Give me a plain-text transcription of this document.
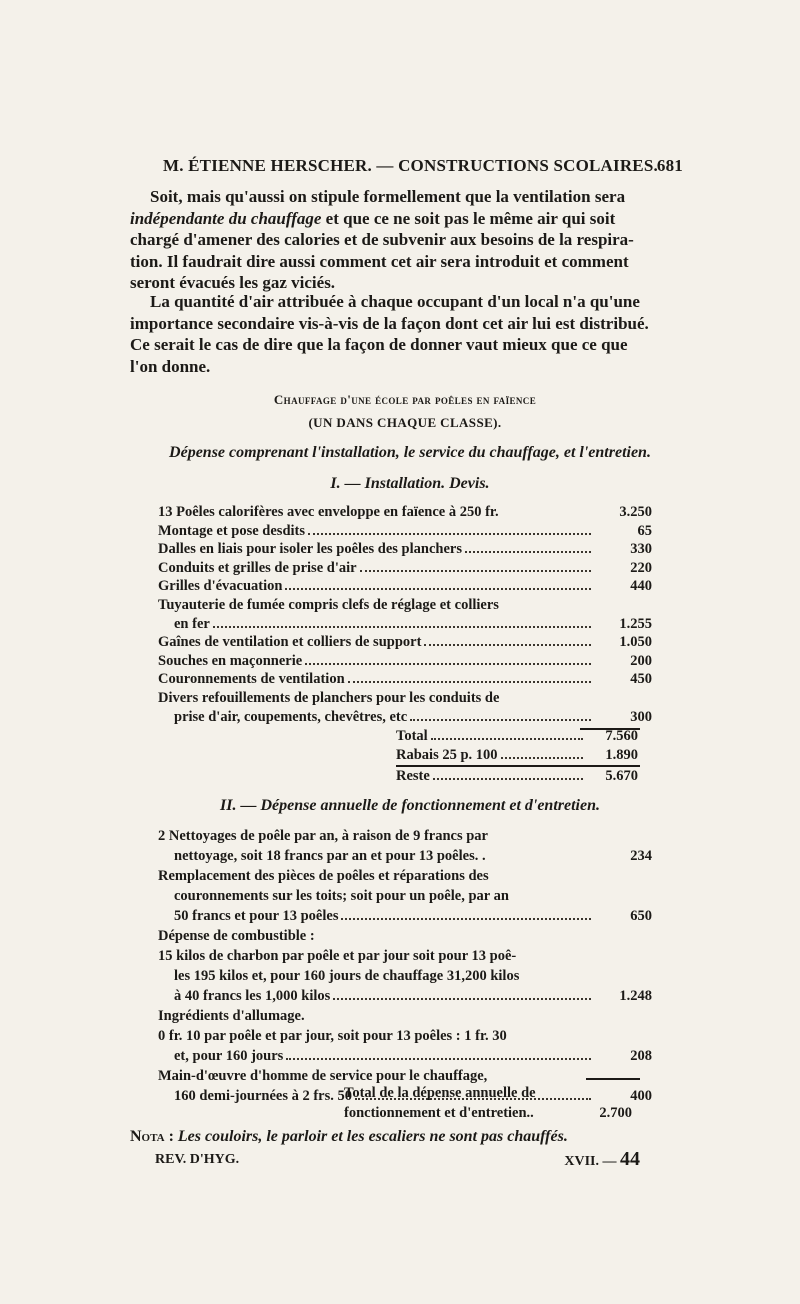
M. ÉTIENNE HERSCHER. — CONSTRUCTIONS SCOLAIRES.
681
Soit, mais qu'aussi on stipule formellement que la ventilation sera
indépendante du chauffage et que ce ne soit pas le même air qui soit
chargé d'amener des calories et de subvenir aux besoins de la respira-
tion. Il faudrait dire aussi comment cet air sera introduit et comment
seront évacués les gaz viciés.
La quantité d'air attribuée à chaque occupant d'un local n'a qu'une
importance secondaire vis-à-vis de la façon dont cet air lui est distribué.
Ce serait le cas de dire que la façon de donner vaut mieux que ce que
l'on donne.
Chauffage d'une école par poêles en faïence
(UN DANS CHAQUE CLASSE).
Dépense comprenant l'installation, le service du chauffage, et l'entretien.
I. — Installation. Devis.
13 Poêles calorifères avec enveloppe en faïence à 250 fr.	3.250

Montage et pose desdits	65

Dalles en liais pour isoler les poêles des planchers	330

Conduits et grilles de prise d'air	220

Grilles d'évacuation	440

Tuyauterie de fumée compris clefs de réglage et colliers	

en fer	1.255

Gaînes de ventilation et colliers de support	1.050

Souches en maçonnerie	200

Couronnements de ventilation	450

Divers refouillements de planchers pour les conduits de	

prise d'air, coupements, chevêtres, etc	300
Total	7.560
Rabais 25 p. 100	1.890
Reste	5.670
II. — Dépense annuelle de fonctionnement et d'entretien.
2 Nettoyages de poêle par an, à raison de 9 francs par	

nettoyage, soit 18 francs par an et pour 13 poêles. .	234

Remplacement des pièces de poêles et réparations des	

couronnements sur les toits; soit pour un poêle, par an	

50 francs et pour 13 poêles	650

Dépense de combustible :	

15 kilos de charbon par poêle et par jour soit pour 13 poê-	

les 195 kilos et, pour 160 jours de chauffage 31,200 kilos	

à 40 francs les 1,000 kilos	1.248

Ingrédients d'allumage.	

0 fr. 10 par poêle et par jour, soit pour 13 poêles : 1 fr. 30	

et, pour 160 jours	208

Main-d'œuvre d'homme de service pour le chauffage,	

160 demi-journées à 2 frs. 50	400
Total de la dépense annuelle de
fonctionnement et d'entretien..	2.700
Nota : Les couloirs, le parloir et les escaliers ne sont pas chauffés.
REV. D'HYG.	XVII. — 44
